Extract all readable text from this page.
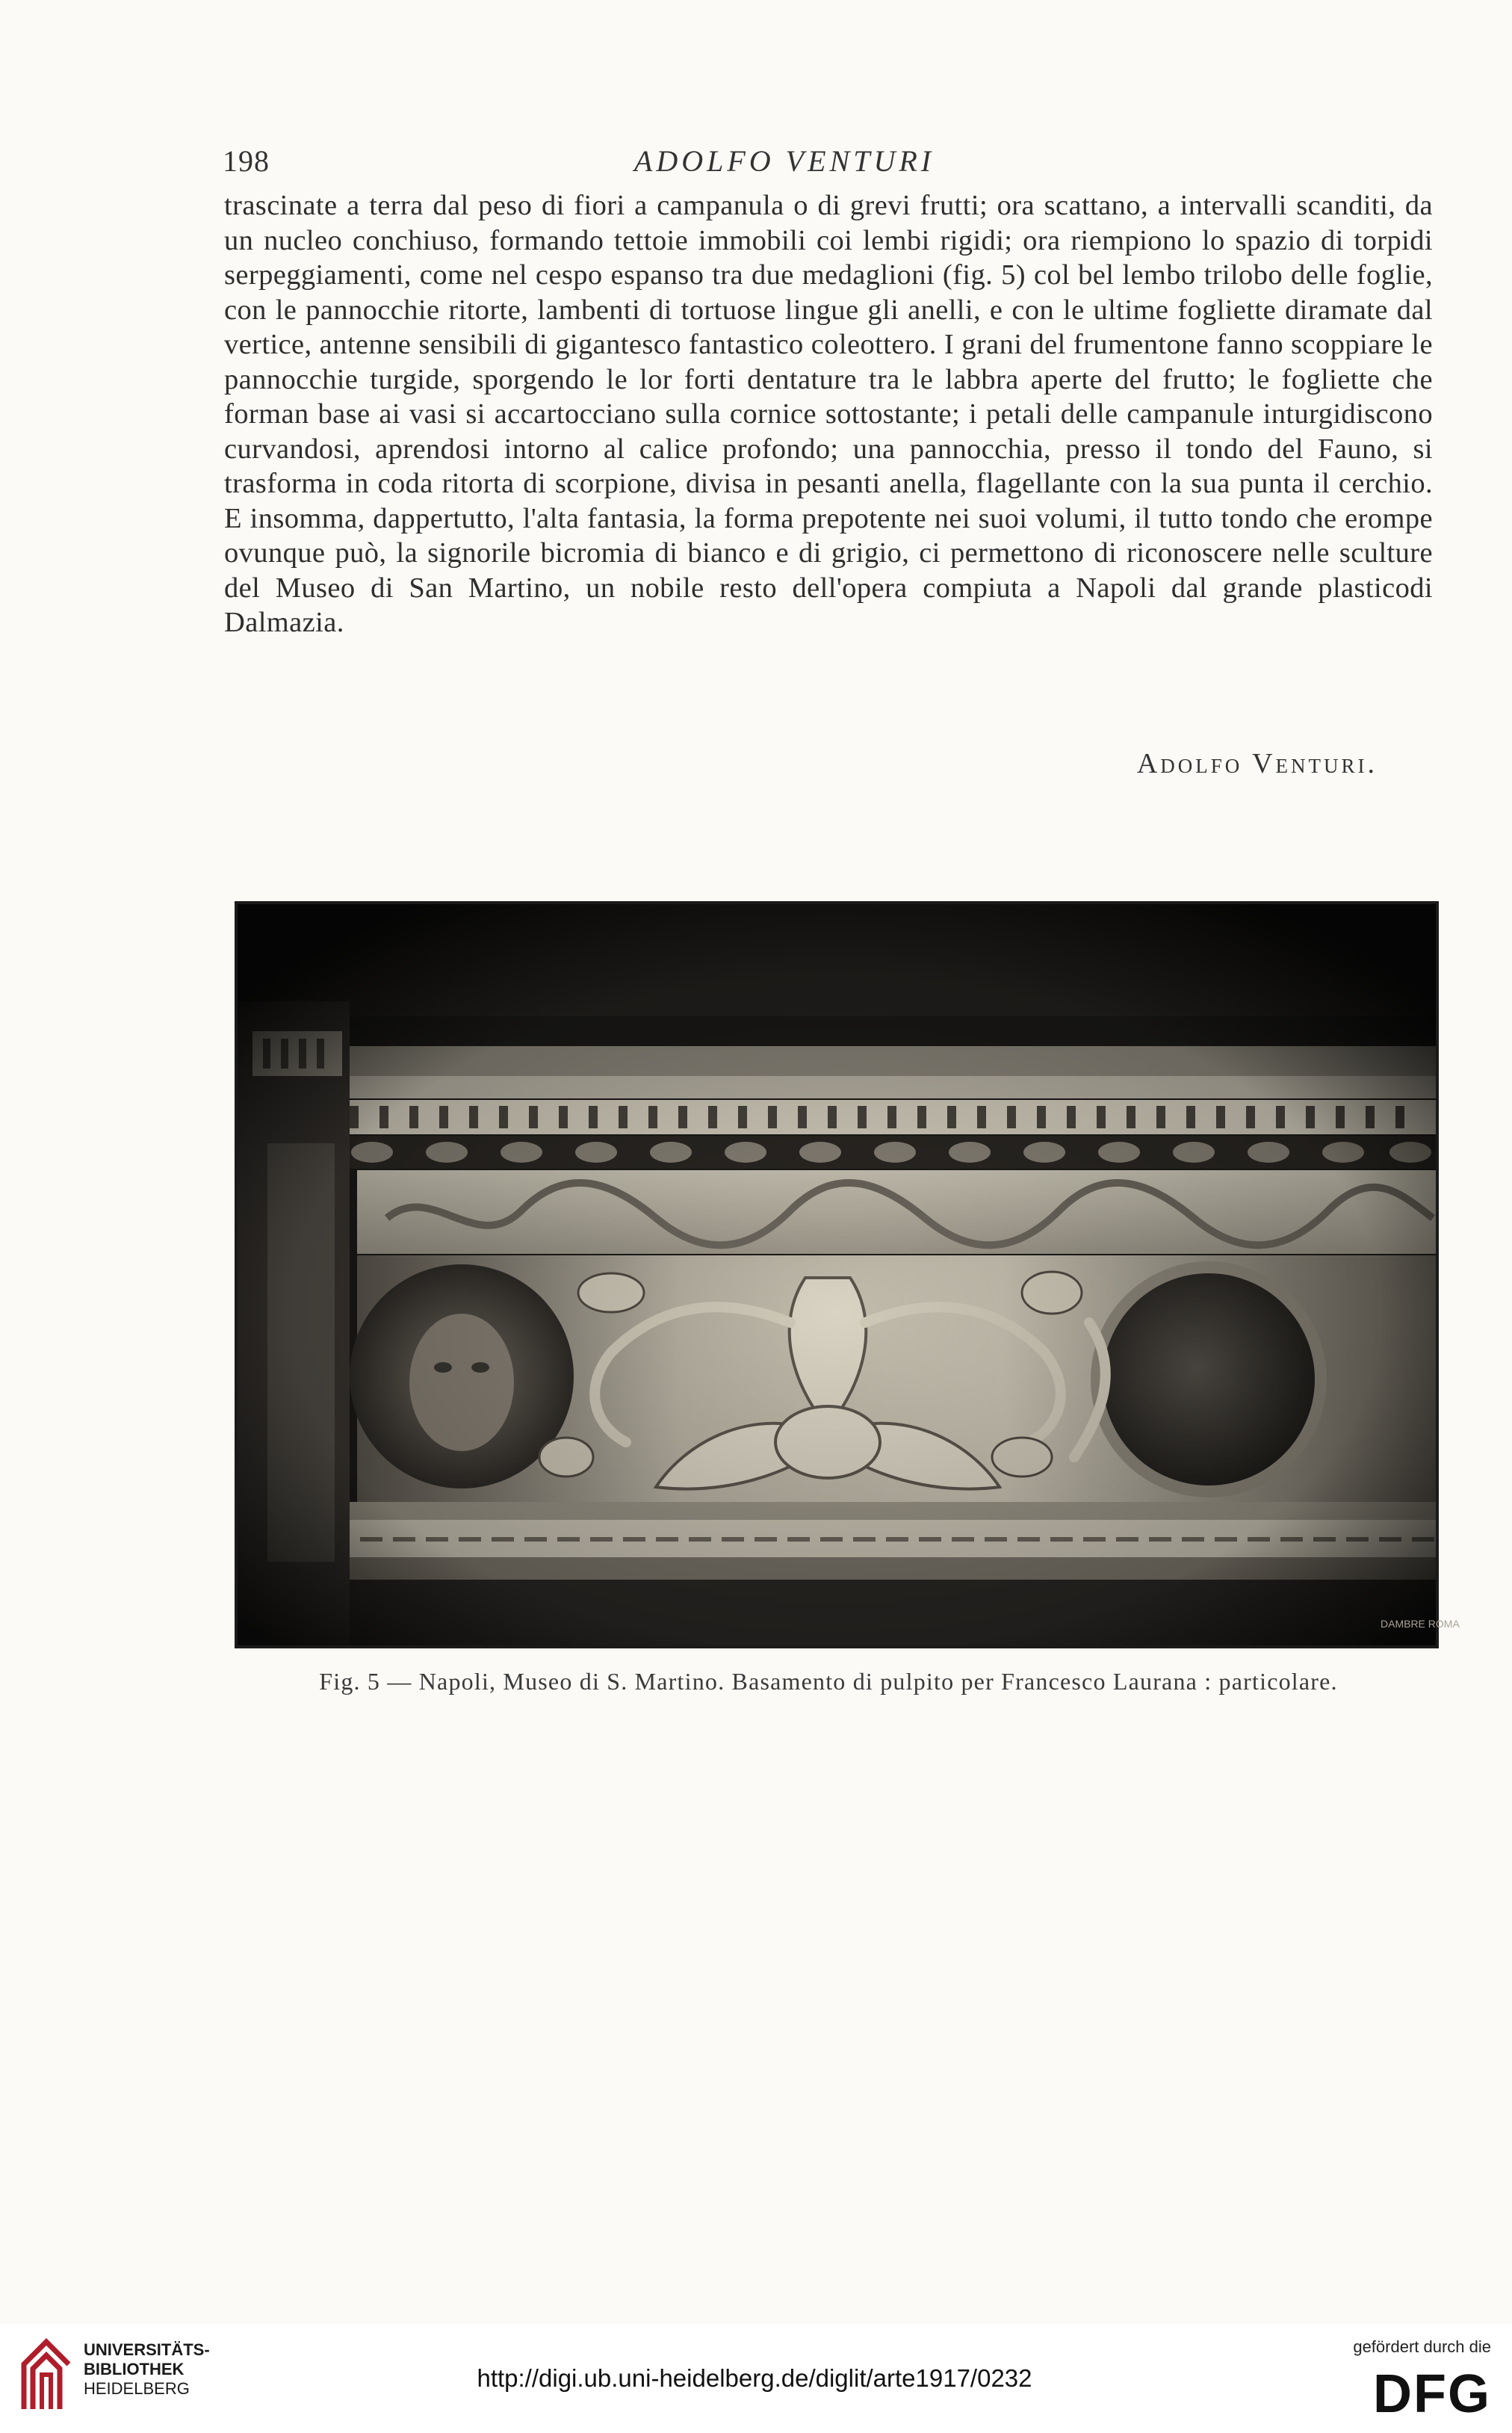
198	ADOLFO VENTURI

trascinate a terra dal peso di fiori a campanula o di grevi frutti; ora scattano, a intervalli scanditi, da un nucleo conchiuso, formando tettoie immobili coi lembi rigidi; ora riempiono lo spazio di torpidi serpeggiamenti, come nel cespo espanso tra due medaglioni (fig. 5) col bel lembo trilobo delle foglie, con le pannocchie ritorte, lambenti di tortuose lingue gli anelli, e con le ultime fogliette diramate dal vertice, antenne sensibili di gigantesco fantastico coleottero. I grani del frumentone fanno scoppiare le pannocchie turgide, sporgendo le lor forti dentature tra le labbra aperte del frutto; le fogliette che forman base ai vasi si accartocciano sulla cornice sottostante; i petali delle campanule inturgidiscono curvandosi, aprendosi intorno al calice profondo; una pannocchia, presso il tondo del Fauno, si trasforma in coda ritorta di scorpione, divisa in pesanti anella, flagellante con la sua punta il cerchio. E insomma, dappertutto, l'alta fantasia, la forma prepotente nei suoi volumi, il tutto tondo che erompe ovunque può, la signorile bicromia di bianco e di grigio, ci permettono di riconoscere nelle sculture del Museo di San Martino, un nobile resto dell'opera compiuta a Napoli dal grande plasticodi Dalmazia.

Adolfo Venturi.
DAMBRE ROMA
Fig. 5 — Napoli, Museo di S. Martino. Basamento di pulpito per Francesco Laurana : particolare.
UNIVERSITÄTS-
BIBLIOTHEK
HEIDELBERG	http://digi.ub.uni-heidelberg.de/diglit/arte1917/0232
gefördert durch die
DFG
